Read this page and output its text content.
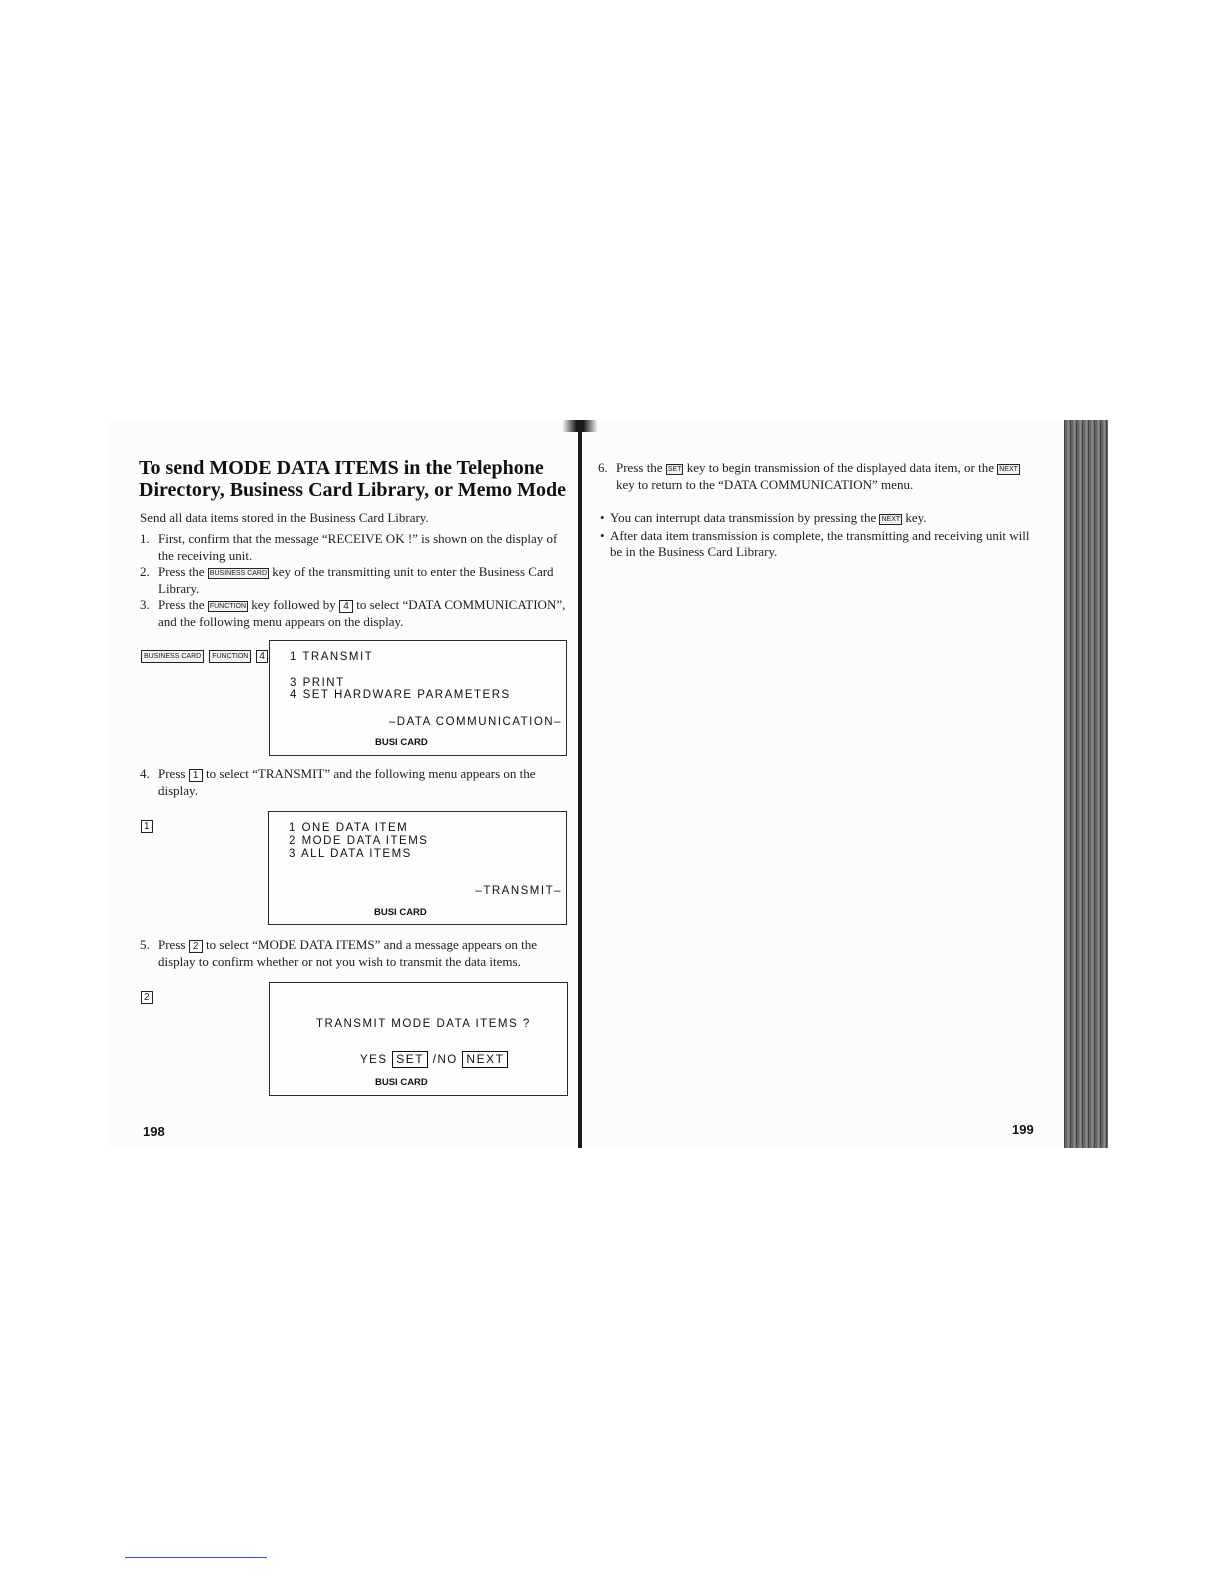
To send MODE DATA ITEMS in the Telephone Directory, Business Card Library, or Memo Mode
Send all data items stored in the Business Card Library.
1. First, confirm that the message “RECEIVE OK !” is shown on the display of the receiving unit.
2. Press the BUSINESS CARD key of the transmitting unit to enter the Business Card Library.
3. Press the FUNCTION key followed by 4 to select “DATA COMMUNICATION”, and the following menu appears on the display.
BUSINESS CARD FUNCTION 4	1 TRANSMIT
3 PRINT
4 SET HARDWARE PARAMETERS
–DATA COMMUNICATION–
BUSI CARD
4. Press 1 to select “TRANSMIT” and the following menu appears on the display.
1	1 ONE DATA ITEM
2 MODE DATA ITEMS
3 ALL DATA ITEMS
–TRANSMIT–
BUSI CARD
5. Press 2 to select “MODE DATA ITEMS” and a message appears on the display to confirm whether or not you wish to transmit the data items.
2
TRANSMIT MODE DATA ITEMS ?
YES SET /NO NEXT
BUSI CARD
198
6. Press the SET key to begin transmission of the displayed data item, or the NEXT key to return to the “DATA COMMUNICATION” menu.
• You can interrupt data transmission by pressing the NEXT key.
• After data item transmission is complete, the transmitting and receiving unit will be in the Business Card Library.
199
